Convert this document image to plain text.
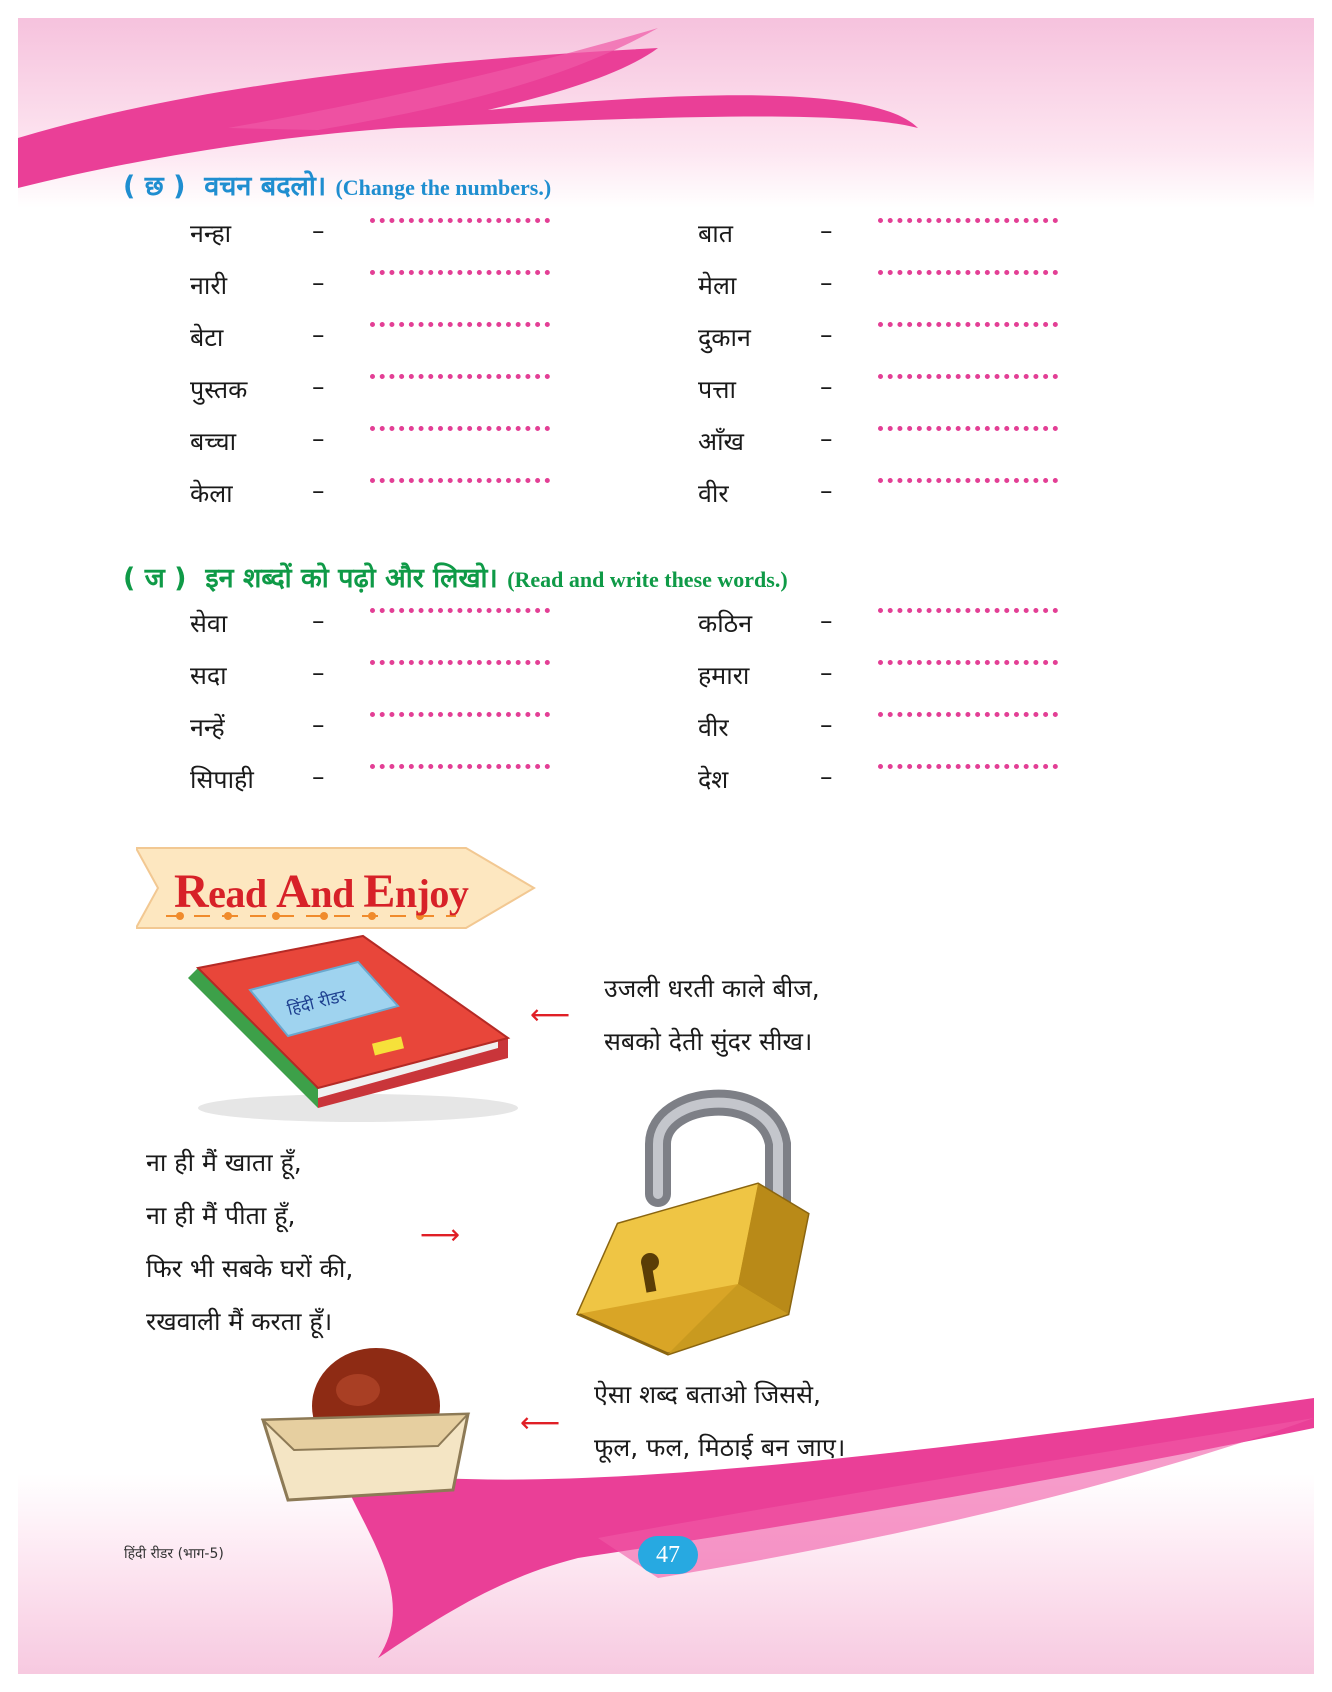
( छ ) वचन बदलो। (Change the numbers.)
नन्हा	–
नारी	–
बेटा	–
पुस्तक	–
बच्चा	–
केला	–
बात	–
मेला	–
दुकान	–
पत्ता	–
आँख	–
वीर	–
( ज ) इन शब्दों को पढ़ो और लिखो। (Read and write these words.)
सेवा	–
सदा	–
नन्हें	–
सिपाही –
कठिन	–
हमारा	–
वीर	–
देश	–
Read And Enjoy
हिंदी रीडर	⟵
उजली धरती काले बीज,
सबको देती सुंदर सीख।
ना ही मैं खाता हूँ,
ना ही मैं पीता हूँ,
फिर भी सबके घरों की,
रखवाली मैं करता हूँ।
⟶
⟵
ऐसा शब्द बताओ जिससे,
फूल, फल, मिठाई बन जाए।
हिंदी रीडर (भाग-5)	47
